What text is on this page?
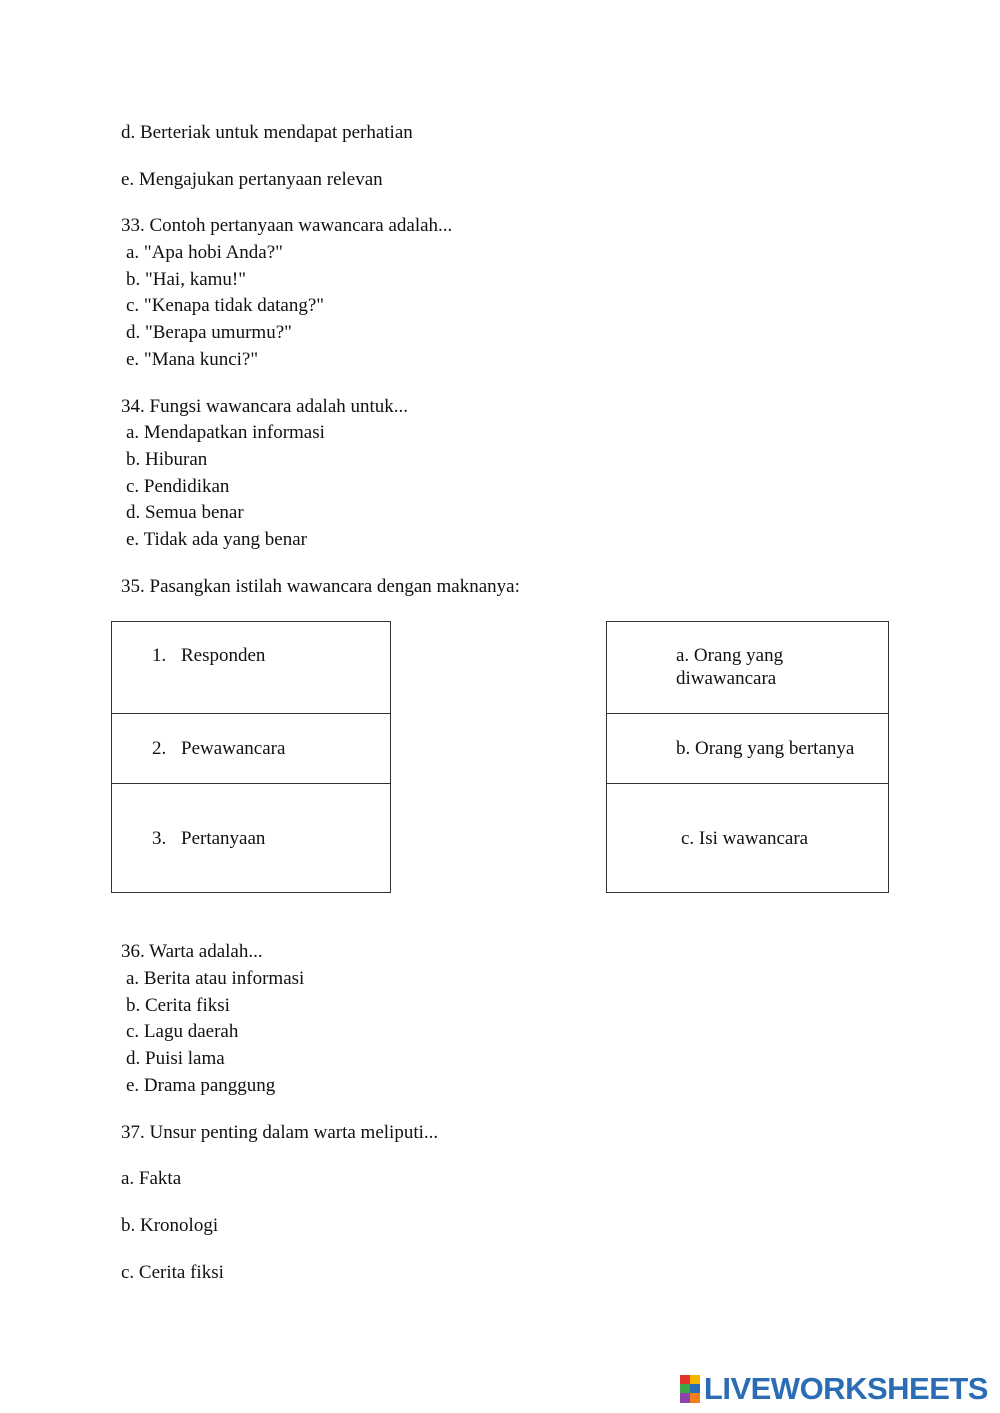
d. Berteriak untuk mendapat perhatian
e. Mengajukan pertanyaan relevan
33. Contoh pertanyaan wawancara adalah...
a. "Apa hobi Anda?"
b. "Hai, kamu!"
c. "Kenapa tidak datang?"
d. "Berapa umurmu?"
e. "Mana kunci?"
34. Fungsi wawancara adalah untuk...
a. Mendapatkan informasi
b. Hiburan
c. Pendidikan
d. Semua benar
e. Tidak ada yang benar
35. Pasangkan istilah wawancara dengan maknanya:
1. Responden
2. Pewawancara
3. Pertanyaan
a. Orang yang
diwawancara
b. Orang yang bertanya
c. Isi wawancara
36. Warta adalah...
a. Berita atau informasi
b. Cerita fiksi
c. Lagu daerah
d. Puisi lama
e. Drama panggung
37. Unsur penting dalam warta meliputi...
a. Fakta
b. Kronologi
c. Cerita fiksi
LIVEWORKSHEETS
